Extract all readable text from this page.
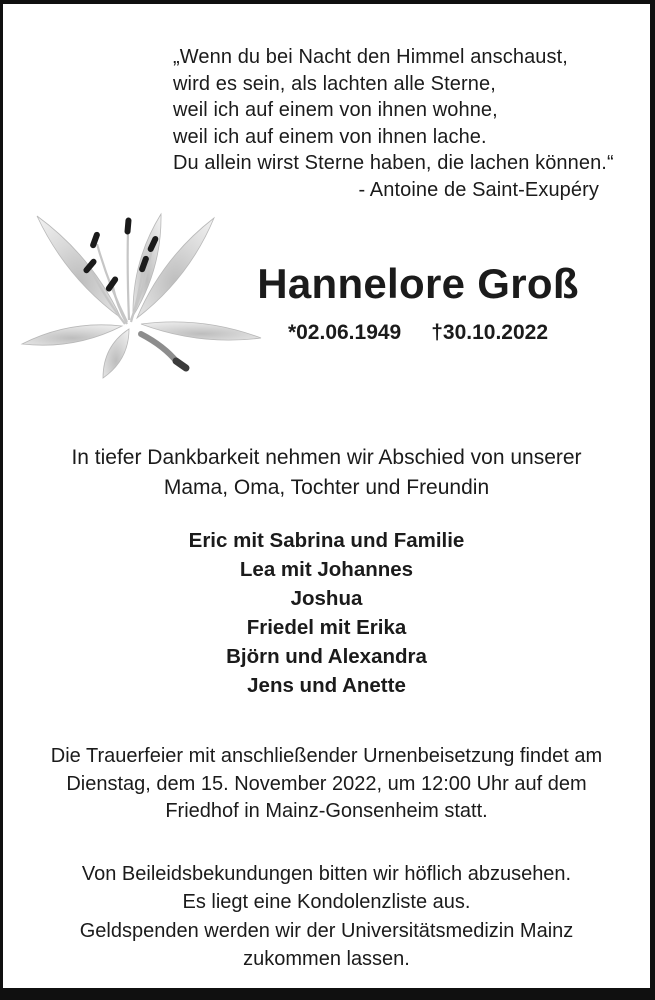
„Wenn du bei Nacht den Himmel anschaust,
wird es sein, als lachten alle Sterne,
weil ich auf einem von ihnen wohne,
weil ich auf einem von ihnen lache.
Du allein wirst Sterne haben, die lachen können.“
- Antoine de Saint-Exupéry
Hannelore Groß
*02.06.1949 †30.10.2022
In tiefer Dankbarkeit nehmen wir Abschied von unserer
Mama, Oma, Tochter und Freundin
Eric mit Sabrina und Familie
Lea mit Johannes
Joshua
Friedel mit Erika
Björn und Alexandra
Jens und Anette
Die Trauerfeier mit anschließender Urnenbeisetzung findet am
Dienstag, dem 15. November 2022, um 12:00 Uhr auf dem
Friedhof in Mainz-Gonsenheim statt.
Von Beileidsbekundungen bitten wir höflich abzusehen.
Es liegt eine Kondolenzliste aus.
Geldspenden werden wir der Universitätsmedizin Mainz
zukommen lassen.
